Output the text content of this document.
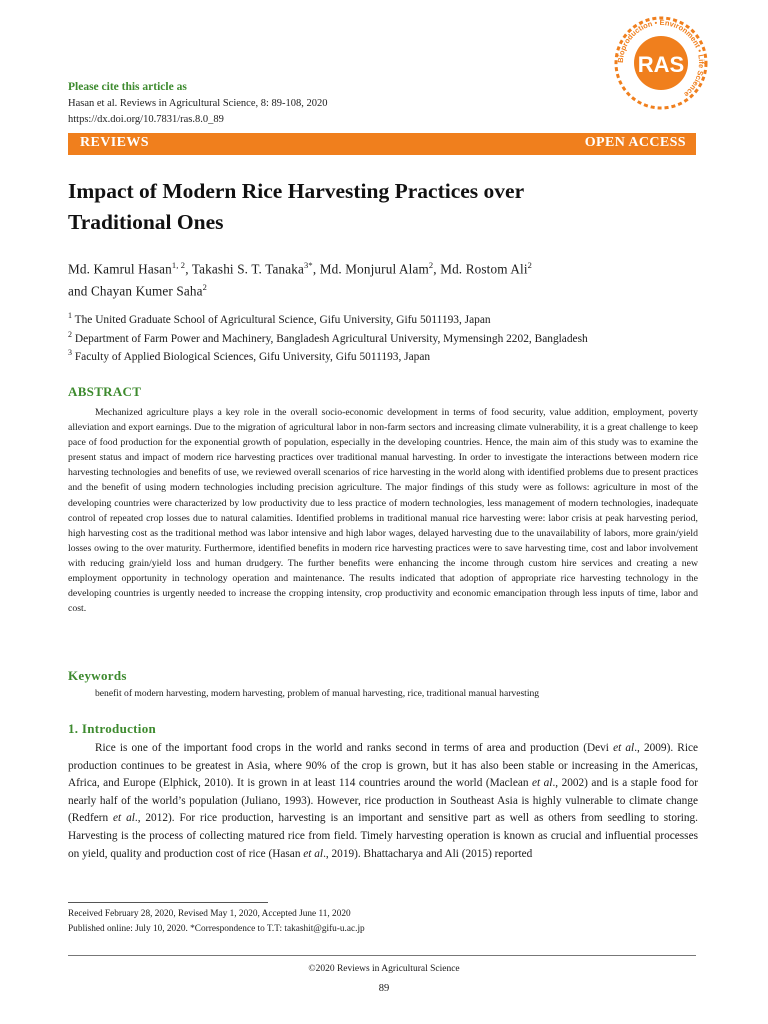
Please cite this article as
Hasan et al. Reviews in Agricultural Science, 8: 89-108, 2020
https://dx.doi.org/10.7831/ras.8.0_89
Bioproduction • Environment • Life Science
RAS
REVIEWS	OPEN ACCESS
Impact of Modern Rice Harvesting Practices over
Traditional Ones
Md. Kamrul Hasan$^{1, 2}$, Takashi S. T. Tanaka$^{3*}$, Md. Monjurul Alam$^2$, Md. Rostom Ali$^2$
and Chayan Kumer Saha$^2$
$^1$ The United Graduate School of Agricultural Science, Gifu University, Gifu 5011193, Japan
$^2$ Department of Farm Power and Machinery, Bangladesh Agricultural University, Mymensingh 2202, Bangladesh
$^3$ Faculty of Applied Biological Sciences, Gifu University, Gifu 5011193, Japan
ABSTRACT
Mechanized agriculture plays a key role in the overall socio-economic development in terms of food security, value addition, employment, poverty alleviation and export earnings. Due to the migration of agricultural labor in non-farm sectors and increasing climate vulnerability, it is a great challenge to keep pace of food production for the exponential growth of population, especially in the developing countries. Hence, the main aim of this study was to examine the present status and impact of modern rice harvesting practices over traditional manual harvesting. In order to investigate the interactions between modern rice harvesting technologies and benefits of use, we reviewed overall scenarios of rice harvesting in the world along with identified problems due to present practices and the benefit of using modern technologies including precision agriculture. The major findings of this study were as follows: agriculture in most of the developing countries were characterized by low productivity due to less practice of modern technologies, less management of modern technologies, inadequate control of repeated crop losses due to natural calamities. Identified problems in traditional manual rice harvesting were: labor crisis at peak harvesting period, high harvesting cost as the traditional method was labor intensive and high labor wages, delayed harvesting due to the unavailability of labors, more grain/yield losses owing to the over maturity. Furthermore, identified benefits in modern rice harvesting practices were to save harvesting time, cost and labor involvement with reducing grain/yield loss and human drudgery. The further benefits were enhancing the income through custom hire services and creating a new employment opportunity in technology operation and maintenance. The results indicated that adoption of appropriate rice harvesting technology in the developing countries is urgently needed to increase the cropping intensity, crop productivity and economic emancipation through less inputs of time, labor and cost.
Keywords
benefit of modern harvesting, modern harvesting, problem of manual harvesting, rice, traditional manual harvesting
1. Introduction
Rice is one of the important food crops in the world and ranks second in terms of area and production (Devi et al., 2009). Rice production continues to be greatest in Asia, where 90% of the crop is grown, but it has also been stable or increasing in the Americas, Africa, and Europe (Elphick, 2010). It is grown in at least 114 countries around the world (Maclean et al., 2002) and is a staple food for nearly half of the world’s population (Juliano, 1993). However, rice production in Southeast Asia is highly vulnerable to climate change (Redfern et al., 2012). For rice production, harvesting is an important and sensitive part as well as others from seedling to storing. Harvesting is the process of collecting matured rice from field. Timely harvesting operation is known as crucial and influential processes on yield, quality and production cost of rice (Hasan et al., 2019). Bhattacharya and Ali (2015) reported
Received February 28, 2020, Revised May 1, 2020, Accepted June 11, 2020
Published online: July 10, 2020. *Correspondence to T.T: takashit@gifu-u.ac.jp
©2020 Reviews in Agricultural Science
89
